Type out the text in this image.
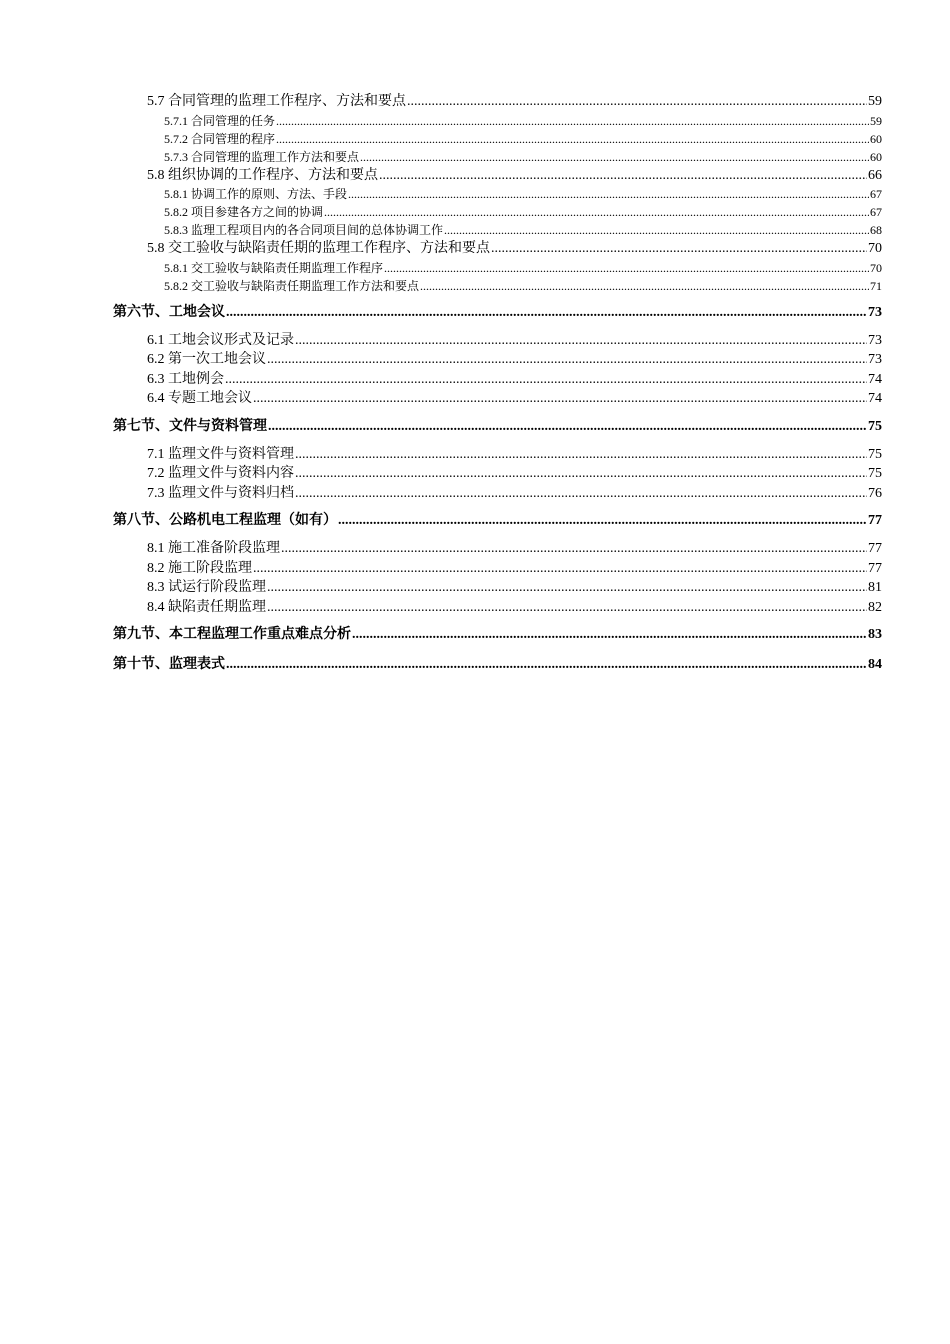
5.7 合同管理的监理工作程序、方法和要点 .....	59
5.7.1 合同管理的任务 .....	59
5.7.2 合同管理的程序 .....	60
5.7.3 合同管理的监理工作方法和要点 .....	60
5.8 组织协调的工作程序、方法和要点 .....	66
5.8.1 协调工作的原则、方法、手段 .....	67
5.8.2 项目参建各方之间的协调 .....	67
5.8.3 监理工程项目内的各合同项目间的总体协调工作 .....	68
5.8 交工验收与缺陷责任期的监理工作程序、方法和要点 .....	70
5.8.1 交工验收与缺陷责任期监理工作程序 .....	70
5.8.2 交工验收与缺陷责任期监理工作方法和要点 .....	71
第六节、工地会议 .....	73
6.1 工地会议形式及记录 .....	73
6.2 第一次工地会议 .....	73
6.3 工地例会 .....	74
6.4 专题工地会议 .....	74
第七节、文件与资料管理 .....	75
7.1 监理文件与资料管理 .....	75
7.2 监理文件与资料内容 .....	75
7.3 监理文件与资料归档 .....	76
第八节、公路机电工程监理（如有） .....	77
8.1 施工准备阶段监理 .....	77
8.2 施工阶段监理 .....	77
8.3 试运行阶段监理 .....	81
8.4 缺陷责任期监理 .....	82
第九节、本工程监理工作重点难点分析 .....	83
第十节、监理表式 .....	84
